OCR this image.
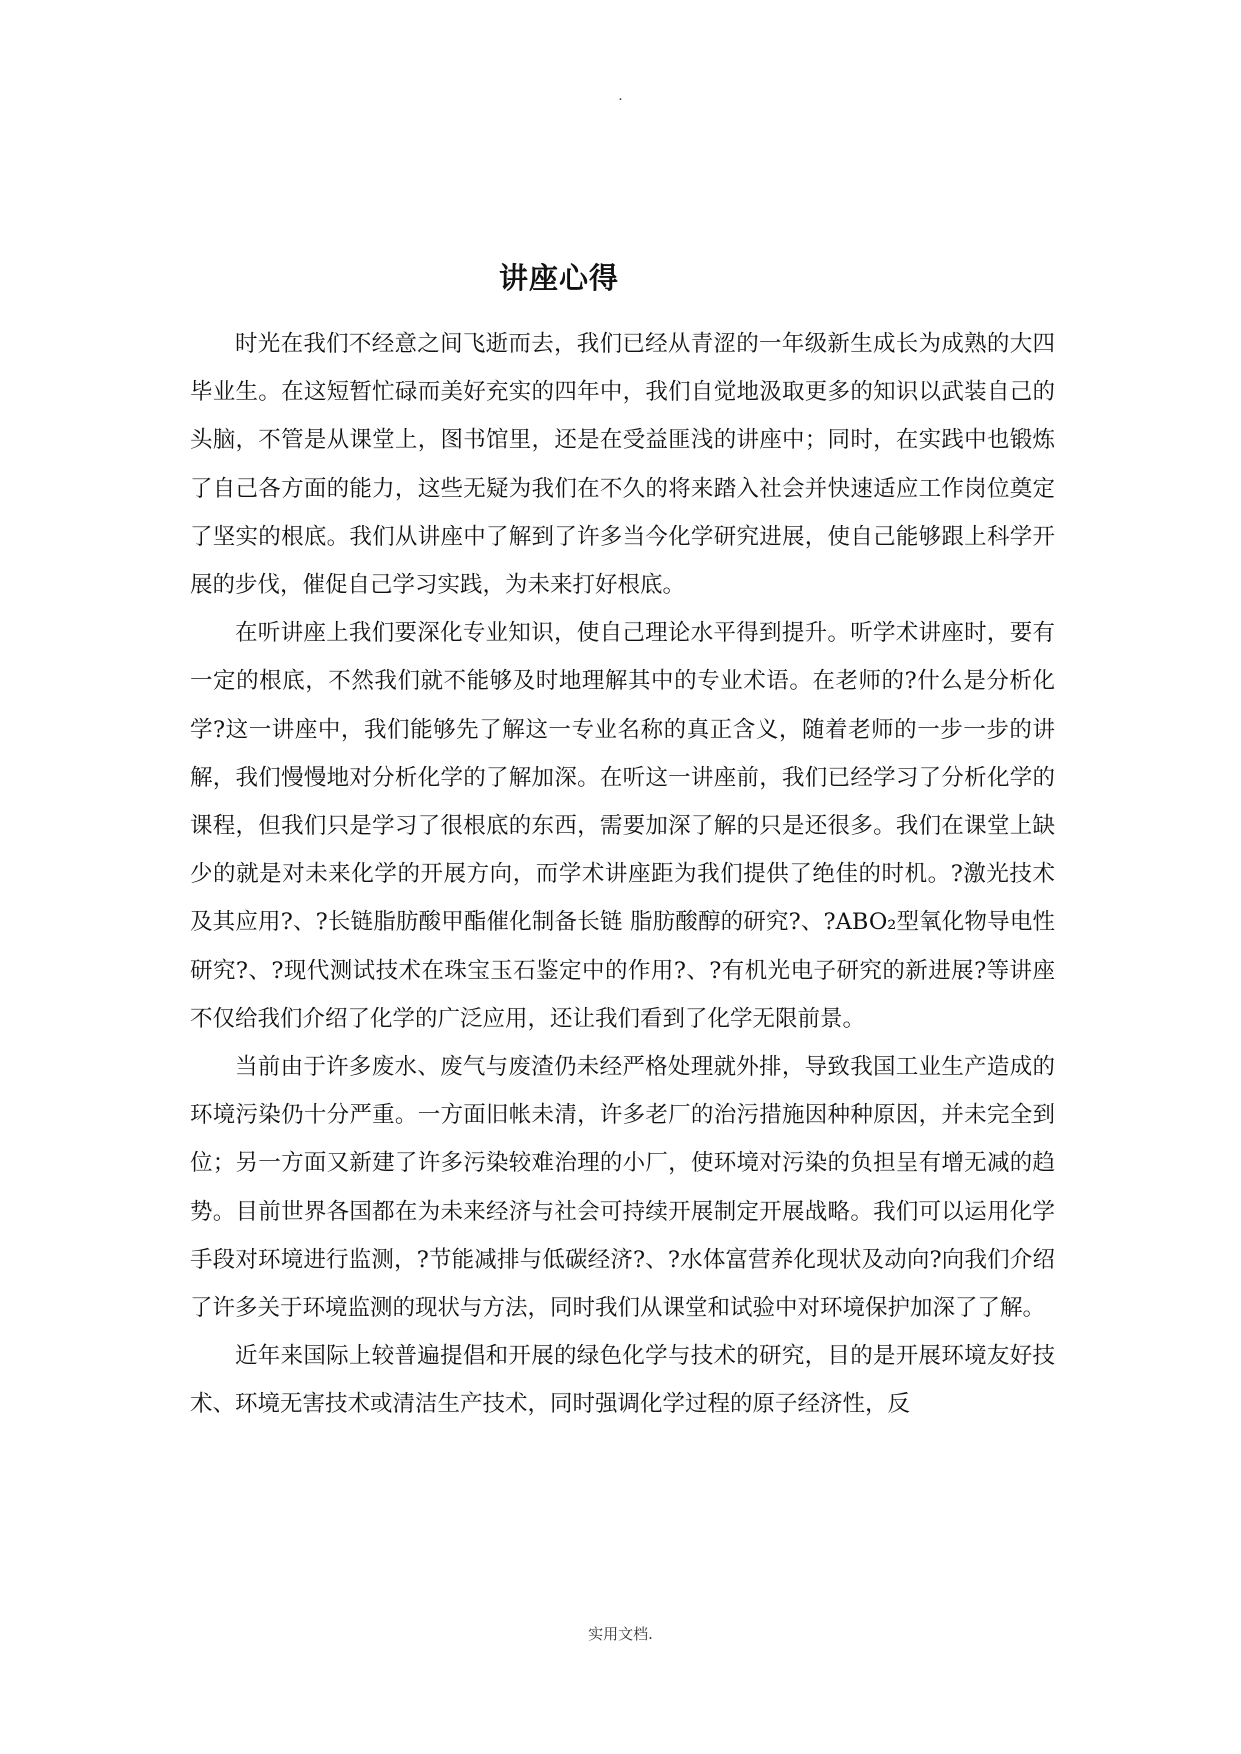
.
讲座心得

时光在我们不经意之间飞逝而去，我们已经从青涩的一年级新生成长为成熟的大四毕业生。在这短暂忙碌而美好充实的四年中，我们自觉地汲取更多的知识以武装自己的头脑，不管是从课堂上，图书馆里，还是在受益匪浅的讲座中；同时，在实践中也锻炼了自己各方面的能力，这些无疑为我们在不久的将来踏入社会并快速适应工作岗位奠定了坚实的根底。我们从讲座中了解到了许多当今化学研究进展，使自己能够跟上科学开展的步伐，催促自己学习实践，为未来打好根底。

在听讲座上我们要深化专业知识，使自己理论水平得到提升。听学术讲座时，要有一定的根底，不然我们就不能够及时地理解其中的专业术语。在老师的?什么是分析化学?这一讲座中，我们能够先了解这一专业名称的真正含义，随着老师的一步一步的讲解，我们慢慢地对分析化学的了解加深。在听这一讲座前，我们已经学习了分析化学的课程，但我们只是学习了很根底的东西，需要加深了解的只是还很多。我们在课堂上缺少的就是对未来化学的开展方向，而学术讲座距为我们提供了绝佳的时机。?激光技术及其应用?、?长链脂肪酸甲酯催化制备长链 脂肪酸醇的研究?、?ABO₂型氧化物导电性研究?、?现代测试技术在珠宝玉石鉴定中的作用?、?有机光电子研究的新进展?等讲座不仅给我们介绍了化学的广泛应用，还让我们看到了化学无限前景。

当前由于许多废水、废气与废渣仍未经严格处理就外排，导致我国工业生产造成的环境污染仍十分严重。一方面旧帐未清，许多老厂的治污措施因种种原因，并未完全到位；另一方面又新建了许多污染较难治理的小厂，使环境对污染的负担呈有增无减的趋势。目前世界各国都在为未来经济与社会可持续开展制定开展战略。我们可以运用化学手段对环境进行监测，?节能减排与低碳经济?、?水体富营养化现状及动向?向我们介绍了许多关于环境监测的现状与方法，同时我们从课堂和试验中对环境保护加深了了解。

近年来国际上较普遍提倡和开展的绿色化学与技术的研究，目的是开展环境友好技术、环境无害技术或清洁生产技术，同时强调化学过程的原子经济性，反

实用文档.
